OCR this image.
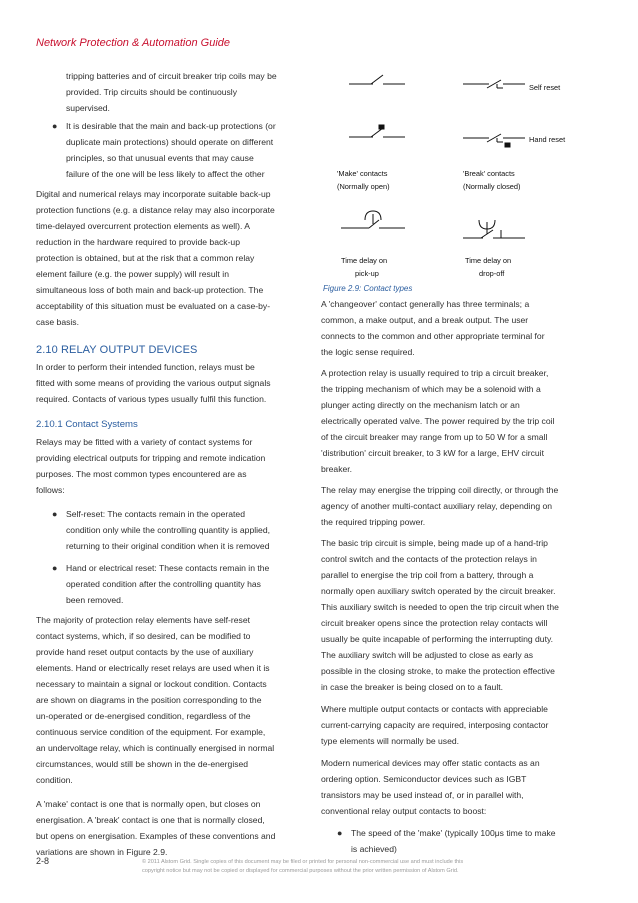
Network Protection & Automation Guide

tripping batteries and of circuit breaker trip coils may be
provided. Trip circuits should be continuously
supervised.

● It is desirable that the main and back-up protections (or
duplicate main protections) should operate on different
principles, so that unusual events that may cause
failure of the one will be less likely to affect the other

Digital and numerical relays may incorporate suitable back-up
protection functions (e.g. a distance relay may also incorporate
time-delayed overcurrent protection elements as well). A
reduction in the hardware required to provide back-up
protection is obtained, but at the risk that a common relay
element failure (e.g. the power supply) will result in
simultaneous loss of both main and back-up protection. The
acceptability of this situation must be evaluated on a case-by-
case basis.

2.10 RELAY OUTPUT DEVICES

In order to perform their intended function, relays must be
fitted with some means of providing the various output signals
required. Contacts of various types usually fulfil this function.

2.10.1 Contact Systems

Relays may be fitted with a variety of contact systems for
providing electrical outputs for tripping and remote indication
purposes. The most common types encountered are as
follows:

● Self-reset: The contacts remain in the operated
condition only while the controlling quantity is applied,
returning to their original condition when it is removed

● Hand or electrical reset: These contacts remain in the
operated condition after the controlling quantity has
been removed.

The majority of protection relay elements have self-reset
contact systems, which, if so desired, can be modified to
provide hand reset output contacts by the use of auxiliary
elements. Hand or electrically reset relays are used when it is
necessary to maintain a signal or lockout condition. Contacts
are shown on diagrams in the position corresponding to the
un-operated or de-energised condition, regardless of the
continuous service condition of the equipment. For example,
an undervoltage relay, which is continually energised in normal
circumstances, would still be shown in the de-energised
condition.

A 'make' contact is one that is normally open, but closes on
energisation. A 'break' contact is one that is normally closed,
but opens on energisation. Examples of these conventions and
variations are shown in Figure 2.9.

Self reset
Hand reset
'Make' contacts
(Normally open)
'Break' contacts
(Normally closed)
Time delay on
pick-up
Time delay on
drop-off
Figure 2.9: Contact types

A 'changeover' contact generally has three terminals; a
common, a make output, and a break output. The user
connects to the common and other appropriate terminal for
the logic sense required.

A protection relay is usually required to trip a circuit breaker,
the tripping mechanism of which may be a solenoid with a
plunger acting directly on the mechanism latch or an
electrically operated valve. The power required by the trip coil
of the circuit breaker may range from up to 50 W for a small
'distribution' circuit breaker, to 3 kW for a large, EHV circuit
breaker.

The relay may energise the tripping coil directly, or through the
agency of another multi-contact auxiliary relay, depending on
the required tripping power.

The basic trip circuit is simple, being made up of a hand-trip
control switch and the contacts of the protection relays in
parallel to energise the trip coil from a battery, through a
normally open auxiliary switch operated by the circuit breaker.
This auxiliary switch is needed to open the trip circuit when the
circuit breaker opens since the protection relay contacts will
usually be quite incapable of performing the interrupting duty.
The auxiliary switch will be adjusted to close as early as
possible in the closing stroke, to make the protection effective
in case the breaker is being closed on to a fault.

Where multiple output contacts or contacts with appreciable
current-carrying capacity are required, interposing contactor
type elements will normally be used.

Modern numerical devices may offer static contacts as an
ordering option. Semiconductor devices such as IGBT
transistors may be used instead of, or in parallel with,
conventional relay output contacts to boost:

● The speed of the 'make' (typically 100μs time to make
is achieved)

2-8	© 2011 Alstom Grid. Single copies of this document may be filed or printed for personal non-commercial use and must include this
copyright notice but may not be copied or displayed for commercial purposes without the prior written permission of Alstom Grid.
